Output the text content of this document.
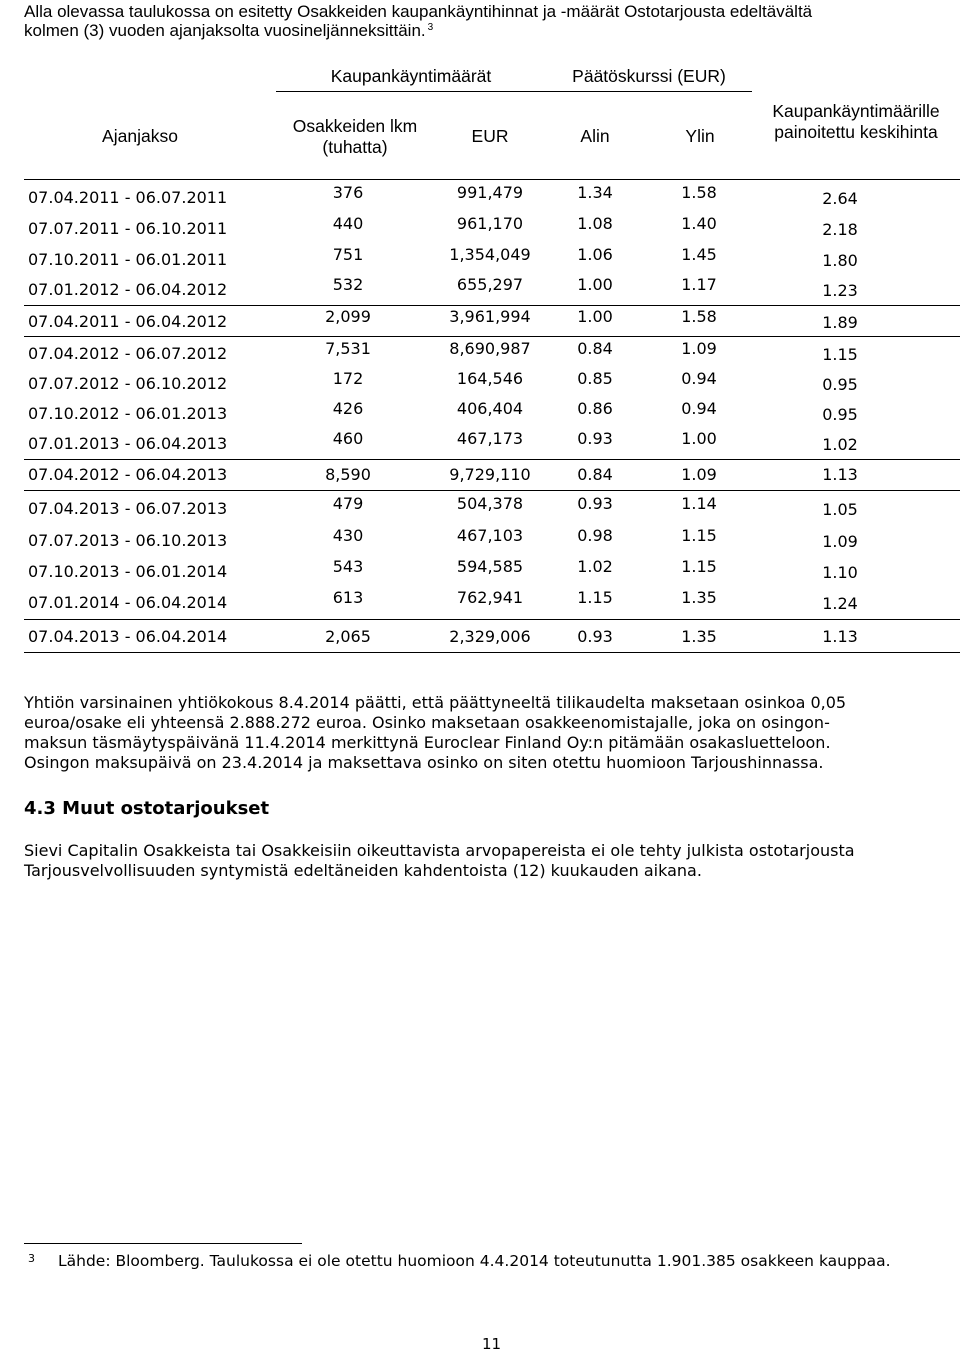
Alla olevassa taulukossa on esitetty Osakkeiden kaupankäyntihinnat ja -määrät Ostotarjousta edeltävältä
kolmen (3) vuoden ajanjaksolta vuosineljänneksittäin. $^3$
Kaupankäyntimäärät	Päätöskurssi (EUR)
Ajanjakso	Osakkeiden lkm
(tuhatta)
EUR	Alin	Ylin
Kaupankäyntimäärille
painoitettu keskihinta
07.04.2011 - 06.07.2011	376	991,479	1.34	1.58	2.64
07.07.2011 - 06.10.2011	440	961,170	1.08	1.40	2.18
07.10.2011 - 06.01.2011	751	1,354,049	1.06	1.45	1.80
07.01.2012 - 06.04.2012	532	655,297	1.00	1.17	1.23
07.04.2011 - 06.04.2012	2,099	3,961,994	1.00	1.58	1.89
07.04.2012 - 06.07.2012	7,531	8,690,987	0.84	1.09	1.15
07.07.2012 - 06.10.2012	172	164,546	0.85	0.94	0.95
07.10.2012 - 06.01.2013	426	406,404	0.86	0.94	0.95
07.01.2013 - 06.04.2013	460	467,173	0.93	1.00	1.02
07.04.2012 - 06.04.2013	8,590	9,729,110	0.84	1.09	1.13
07.04.2013 - 06.07.2013	479	504,378	0.93	1.14	1.05
07.07.2013 - 06.10.2013	430	467,103	0.98	1.15	1.09
07.10.2013 - 06.01.2014	543	594,585	1.02	1.15	1.10
07.01.2014 - 06.04.2014	613	762,941	1.15	1.35	1.24
07.04.2013 - 06.04.2014	2,065	2,329,006	0.93	1.35	1.13
Yhtiön varsinainen yhtiökokous 8.4.2014 päätti, että päättyneeltä tilikaudelta maksetaan osinkoa 0,05
euroa/osake eli yhteensä 2.888.272 euroa. Osinko maksetaan osakkeenomistajalle, joka on osingon-
maksun täsmäytyspäivänä 11.4.2014 merkittynä Euroclear Finland Oy:n pitämään osakasluetteloon.
Osingon maksupäivä on 23.4.2014 ja maksettava osinko on siten otettu huomioon Tarjoushinnassa.
4.3 Muut ostotarjoukset
Sievi Capitalin Osakkeista tai Osakkeisiin oikeuttavista arvopapereista ei ole tehty julkista ostotarjousta
Tarjousvelvollisuuden syntymistä edeltäneiden kahdentoista (12) kuukauden aikana.
3 Lähde: Bloomberg. Taulukossa ei ole otettu huomioon 4.4.2014 toteutunutta 1.901.385 osakkeen kauppaa.
11
